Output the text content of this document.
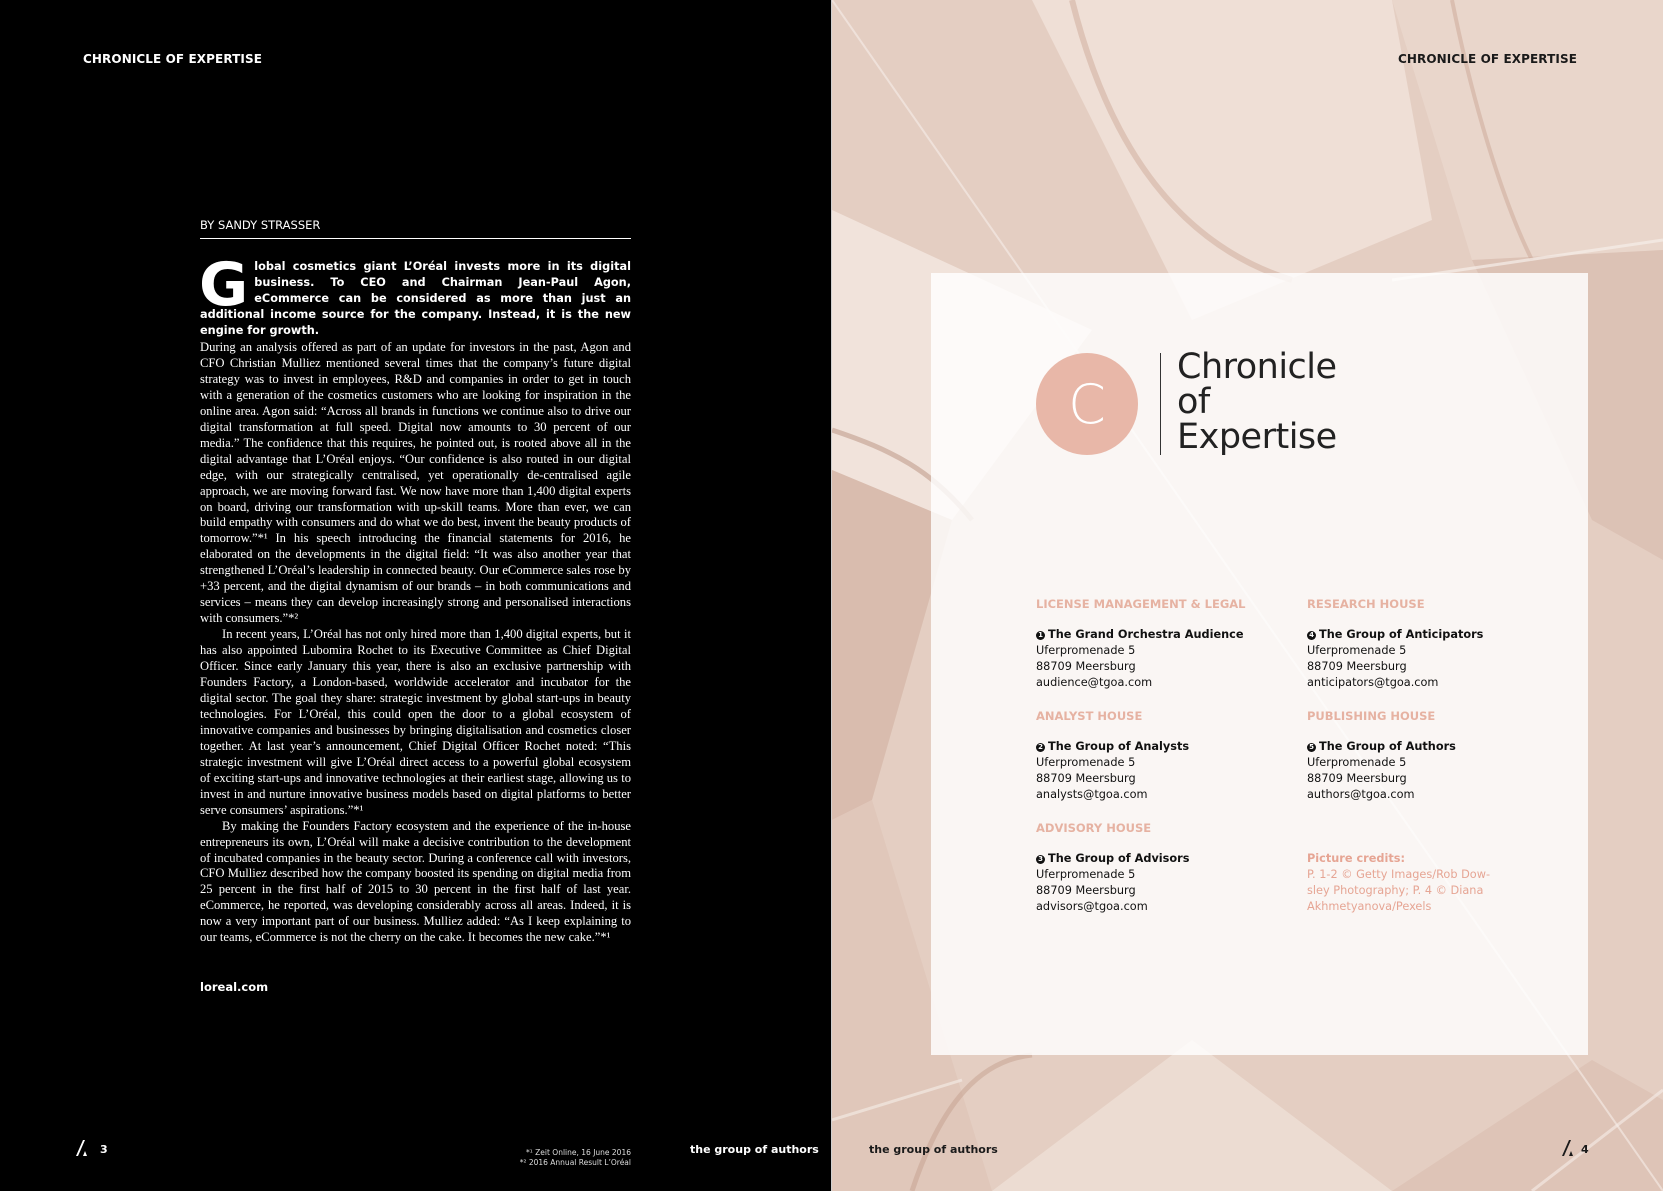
CHRONICLE OF EXPERTISE
BY SANDY STRASSER
Global cosmetics giant L’Oréal invests more in its digital business. To CEO and Chairman Jean-Paul Agon, eCommerce can be considered as more than just an additional income source for the company. Instead, it is the new engine for growth.

During an analysis offered as part of an update for investors in the past, Agon and CFO Christian Mulliez mentioned several times that the company’s future digital strategy was to invest in employees, R&D and companies in order to get in touch with a generation of the cosmetics customers who are looking for inspiration in the online area. Agon said: “Across all brands in functions we continue also to drive our digital transformation at full speed. Digital now amounts to 30 percent of our media.” The confidence that this requires, he pointed out, is rooted above all in the digital advantage that L’Oréal enjoys. “Our confidence is also routed in our digital edge, with our strategically centralised, yet operationally de-centralised agile approach, we are moving forward fast. We now have more than 1,400 digital experts on board, driving our transformation with up-skill teams. More than ever, we can build empathy with consumers and do what we do best, invent the beauty products of tomorrow.”*¹ In his speech introducing the financial statements for 2016, he elaborated on the developments in the digital field: “It was also another year that strengthened L’Oréal’s leadership in connected beauty. Our eCommerce sales rose by +33 percent, and the digital dynamism of our brands – in both communications and services – means they can develop increasingly strong and personalised interactions with consumers.”*²

In recent years, L’Oréal has not only hired more than 1,400 digital experts, but it has also appointed Lubomira Rochet to its Executive Committee as Chief Digital Officer. Since early January this year, there is also an exclusive partnership with Founders Factory, a London-based, worldwide accelerator and incubator for the digital sector. The goal they share: strategic investment by global start-ups in beauty technologies. For L’Oréal, this could open the door to a global ecosystem of innovative companies and businesses by bringing digitalisation and cosmetics closer together. At last year’s announcement, Chief Digital Officer Rochet noted: “This strategic investment will give L’Oréal direct access to a powerful global ecosystem of exciting start-ups and innovative technologies at their earliest stage, allowing us to invest in and nurture innovative business models based on digital platforms to better serve consumers’ aspirations.”*¹

By making the Founders Factory ecosystem and the experience of the in-house entrepreneurs its own, L’Oréal will make a decisive contribution to the development of incubated companies in the beauty sector. During a conference call with investors, CFO Mulliez described how the company boosted its spending on digital media from 25 percent in the first half of 2015 to 30 percent in the first half of last year. eCommerce, he reported, was developing considerably across all areas. Indeed, it is now a very important part of our business. Mulliez added: “As I keep explaining to our teams, eCommerce is not the cherry on the cake. It becomes the new cake.”*¹

loreal.com
3	*¹ Zeit Online, 16 June 2016
*² 2016 Annual Result L’Oréal
the group of authors
CHRONICLE OF EXPERTISE
C
Chronicle
of
Expertise
LICENSE MANAGEMENT & LEGAL
1 The Grand Orchestra Audience
Uferpromenade 5
88709 Meersburg
audience@tgoa.com
ANALYST HOUSE
2 The Group of Analysts
Uferpromenade 5
88709 Meersburg
analysts@tgoa.com
ADVISORY HOUSE
3 The Group of Advisors
Uferpromenade 5
88709 Meersburg
advisors@tgoa.com
RESEARCH HOUSE
4 The Group of Anticipators
Uferpromenade 5
88709 Meersburg
anticipators@tgoa.com
PUBLISHING HOUSE
5 The Group of Authors
Uferpromenade 5
88709 Meersburg
authors@tgoa.com
Picture credits:
P. 1-2 © Getty Images/Rob Dow-
sley Photography; P. 4 © Diana
Akhmetyanova/Pexels
the group of authors	4
